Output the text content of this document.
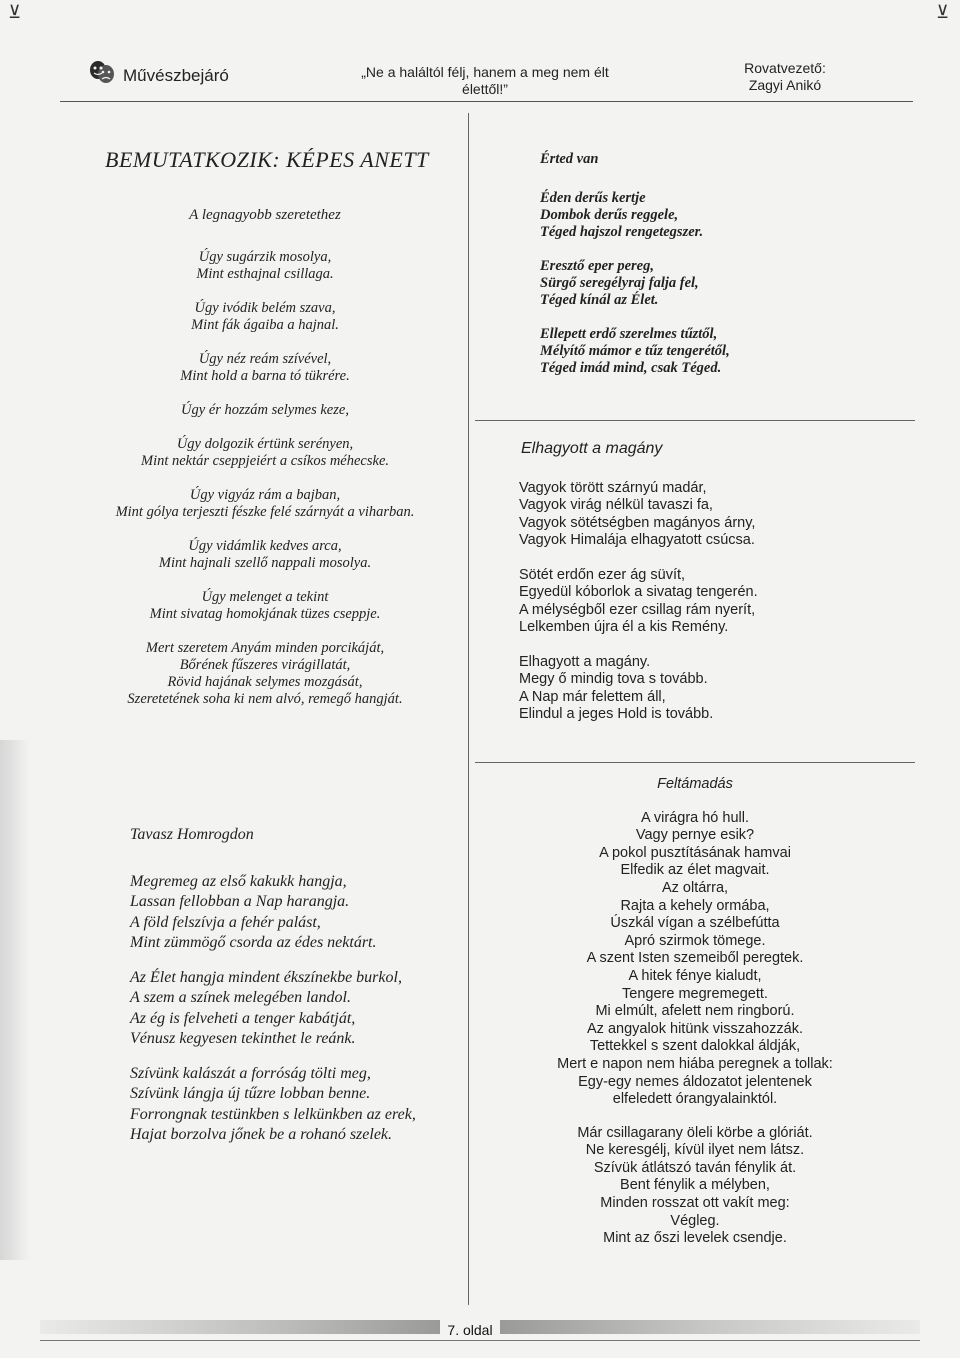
⊻	⊻
Művészbejáró	„Ne a haláltól félj, hanem a meg nem élt
élettől!”
Rovatvezető:
Zagyi Anikó
BEMUTATKOZIK: KÉPES ANETT
A legnagyobb szeretethez
Úgy sugárzik mosolya,
Mint esthajnal csillaga.
Úgy ivódik belém szava,
Mint fák ágaiba a hajnal.
Úgy néz reám szívével,
Mint hold a barna tó tükrére.
Úgy ér hozzám selymes keze,
Úgy dolgozik értünk serényen,
Mint nektár cseppjeiért a csíkos méhecske.
Úgy vigyáz rám a bajban,
Mint gólya terjeszti fészke felé szárnyát a viharban.
Úgy vidámlik kedves arca,
Mint hajnali szellő nappali mosolya.
Úgy melenget a tekint
Mint sivatag homokjának tüzes cseppje.
Mert szeretem Anyám minden porcikáját,
Bőrének fűszeres virágillatát,
Rövid hajának selymes mozgását,
Szeretetének soha ki nem alvó, remegő hangját.
Tavasz Homrogdon
Megremeg az első kakukk hangja,
Lassan fellobban a Nap harangja.
A föld felszívja a fehér palást,
Mint zümmögő csorda az édes nektárt.
Az Élet hangja mindent ékszínekbe burkol,
A szem a színek melegében landol.
Az ég is felveheti a tenger kabátját,
Vénusz kegyesen tekinthet le reánk.
Szívünk kalászát a forróság tölti meg,
Szívünk lángja új tűzre lobban benne.
Forrongnak testünkben s lelkünkben az erek,
Hajat borzolva jőnek be a rohanó szelek.
Érted van
Éden derűs kertje
Dombok derűs reggele,
Téged hajszol rengetegszer.
Eresztő eper pereg,
Sürgő seregélyraj falja fel,
Téged kínál az Élet.
Ellepett erdő szerelmes tűztől,
Mélyítő mámor e tűz tengerétől,
Téged imád mind, csak Téged.
Elhagyott a magány
Vagyok törött szárnyú madár,
Vagyok virág nélkül tavaszi fa,
Vagyok sötétségben magányos árny,
Vagyok Himalája elhagyatott csúcsa.
Sötét erdőn ezer ág süvít,
Egyedül kóborlok a sivatag tengerén.
A mélységből ezer csillag rám nyerít,
Lelkemben újra él a kis Remény.
Elhagyott a magány.
Megy ő mindig tova s tovább.
A Nap már felettem áll,
Elindul a jeges Hold is tovább.
Feltámadás
A virágra hó hull.
Vagy pernye esik?
A pokol pusztításának hamvai
Elfedik az élet magvait.
Az oltárra,
Rajta a kehely ormába,
Úszkál vígan a szélbefútta
Apró szirmok tömege.
A szent Isten szemeiből peregtek.
A hitek fénye kialudt,
Tengere megremegett.
Mi elmúlt, afelett nem ringború.
Az angyalok hitünk visszahozzák.
Tettekkel s szent dalokkal áldják,
Mert e napon nem hiába peregnek a tollak:
Egy-egy nemes áldozatot jelentenek
elfeledett órangyalainktól.
Már csillagarany öleli körbe a glóriát.
Ne keresgélj, kívül ilyet nem látsz.
Szívük átlátszó taván fénylik át.
Bent fénylik a mélyben,
Minden rosszat ott vakít meg:
Végleg.
Mint az őszi levelek csendje.
7. oldal
